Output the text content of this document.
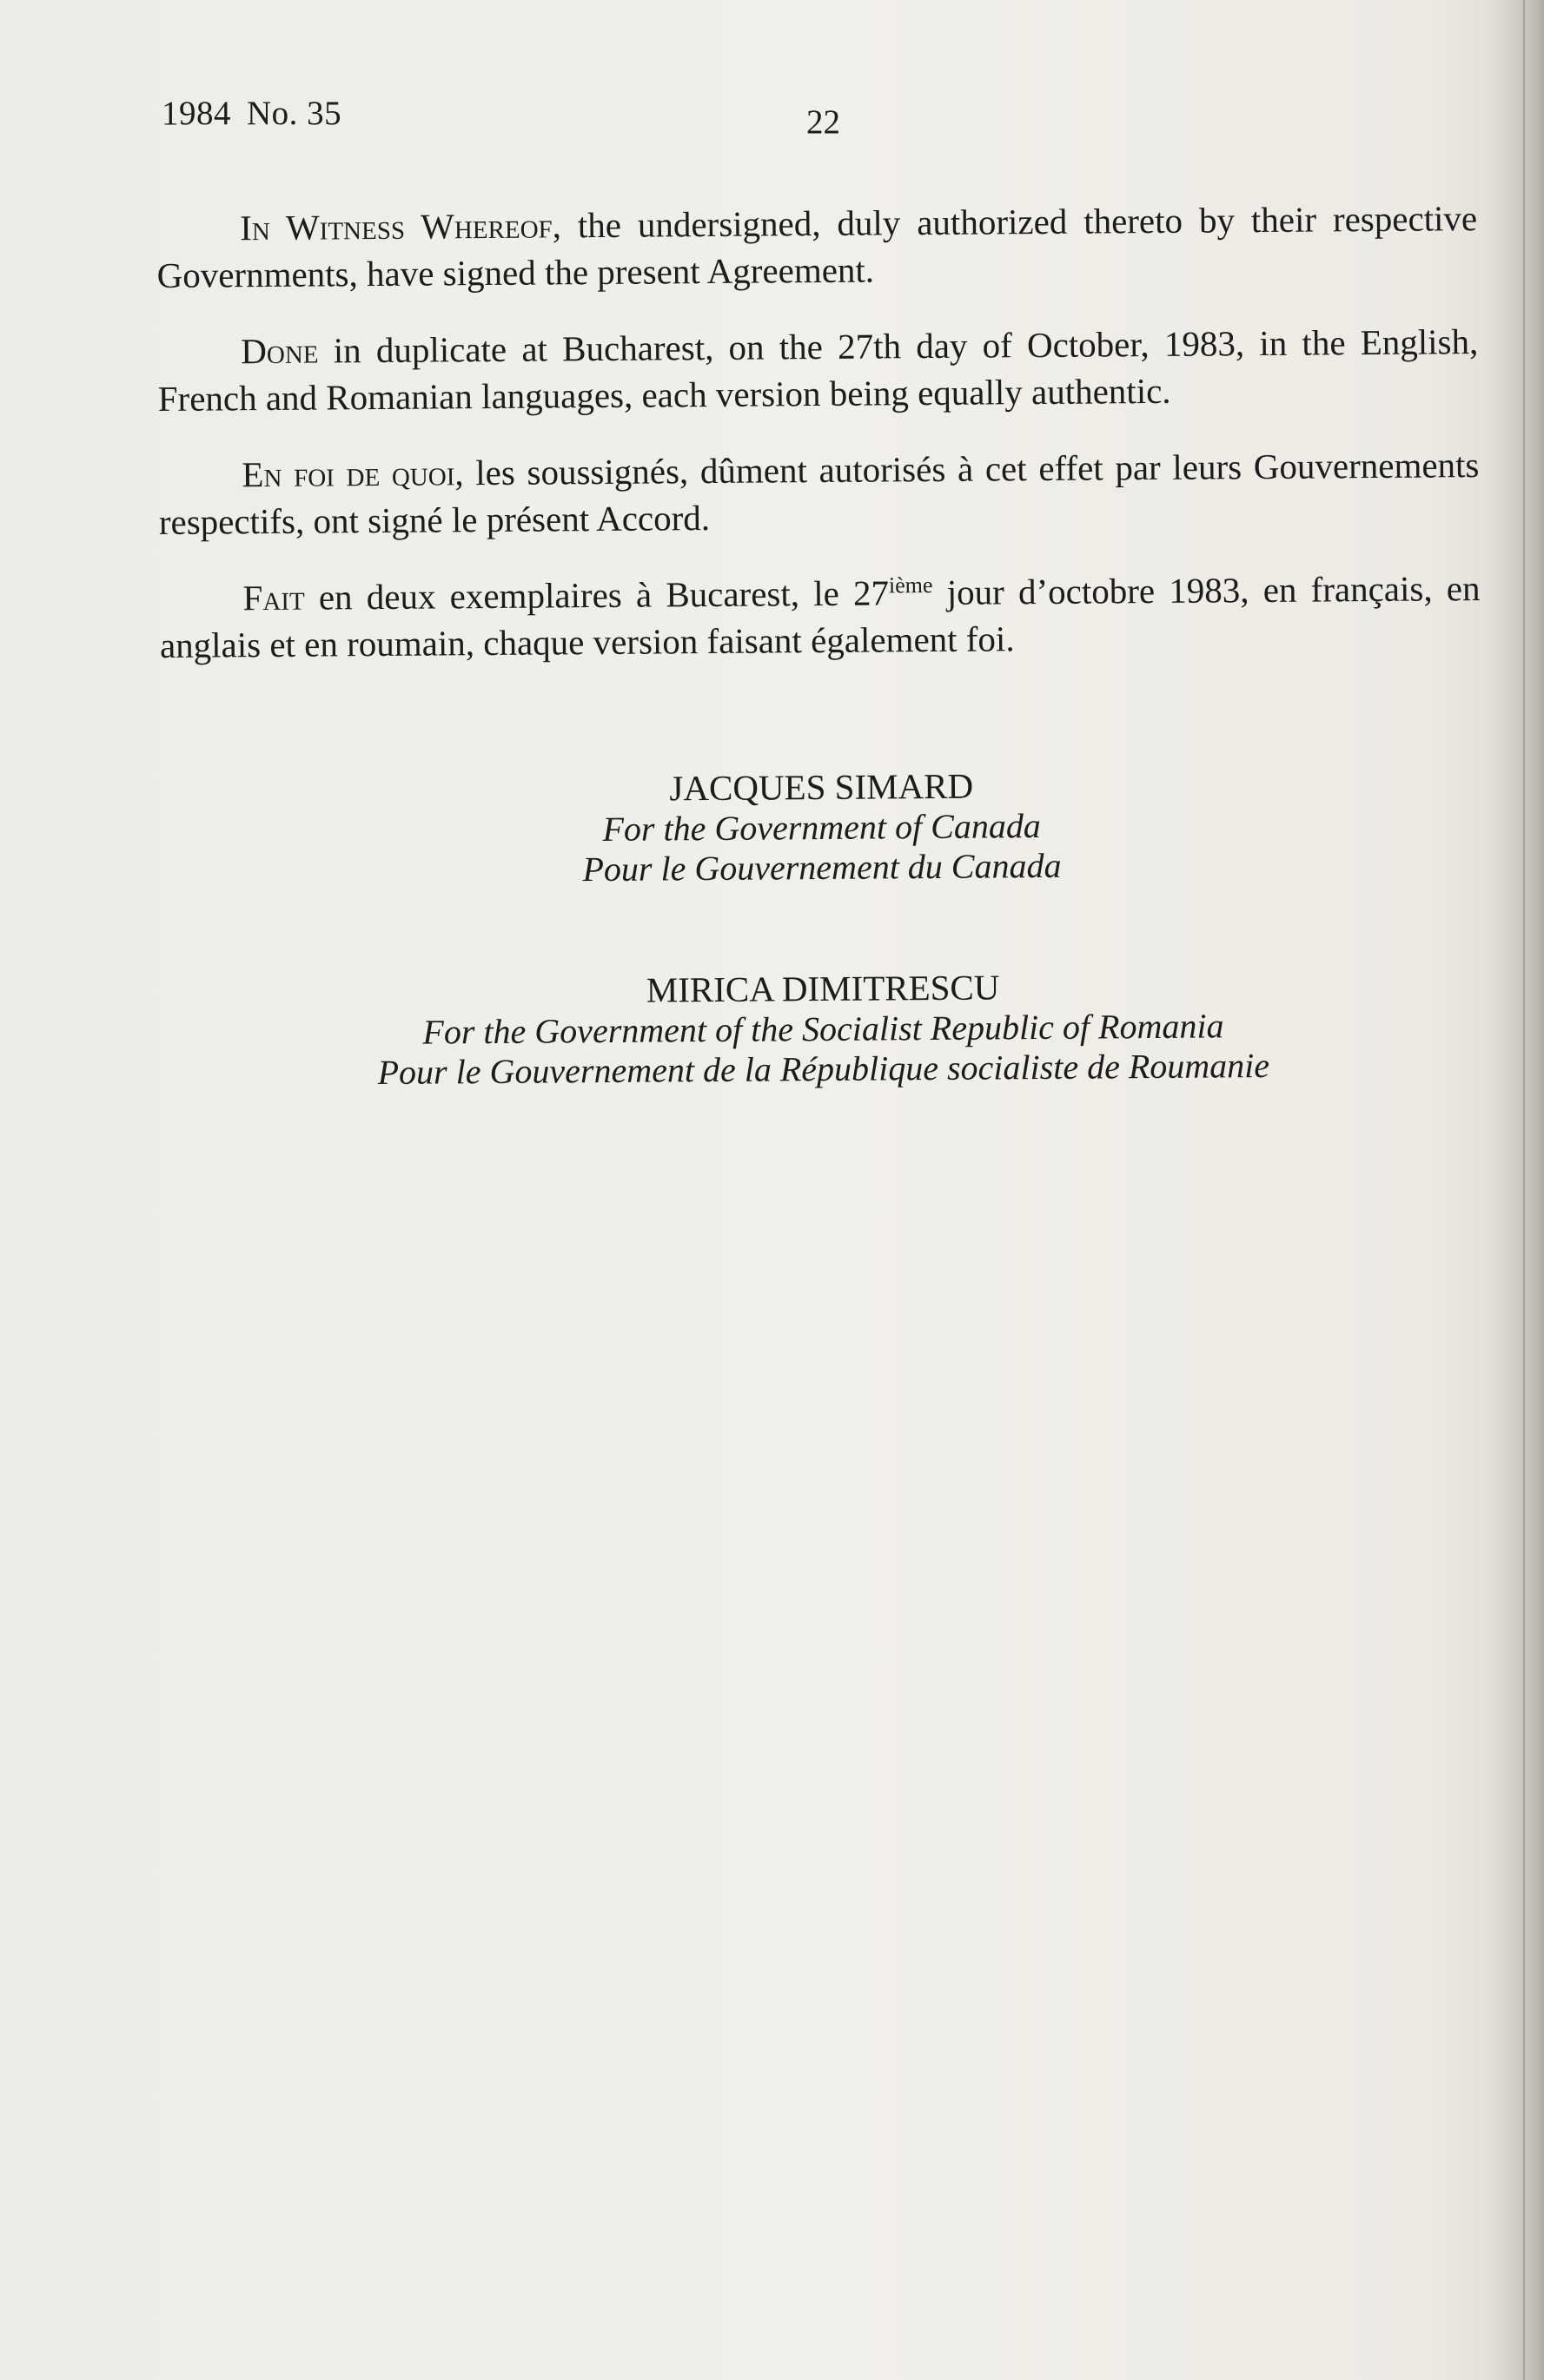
1984 No. 35	22
In Witness Whereof, the undersigned, duly authorized thereto by their respective Governments, have signed the present Agreement.
Done in duplicate at Bucharest, on the 27th day of October, 1983, in the English, French and Romanian languages, each version being equally authentic.
En foi de quoi, les soussignés, dûment autorisés à cet effet par leurs Gouvernements respectifs, ont signé le présent Accord.
Fait en deux exemplaires à Bucarest, le 27ième jour d’octobre 1983, en français, en anglais et en roumain, chaque version faisant également foi.
JACQUES SIMARD
For the Government of Canada
Pour le Gouvernement du Canada
MIRICA DIMITRESCU
For the Government of the Socialist Republic of Romania
Pour le Gouvernement de la République socialiste de Roumanie
